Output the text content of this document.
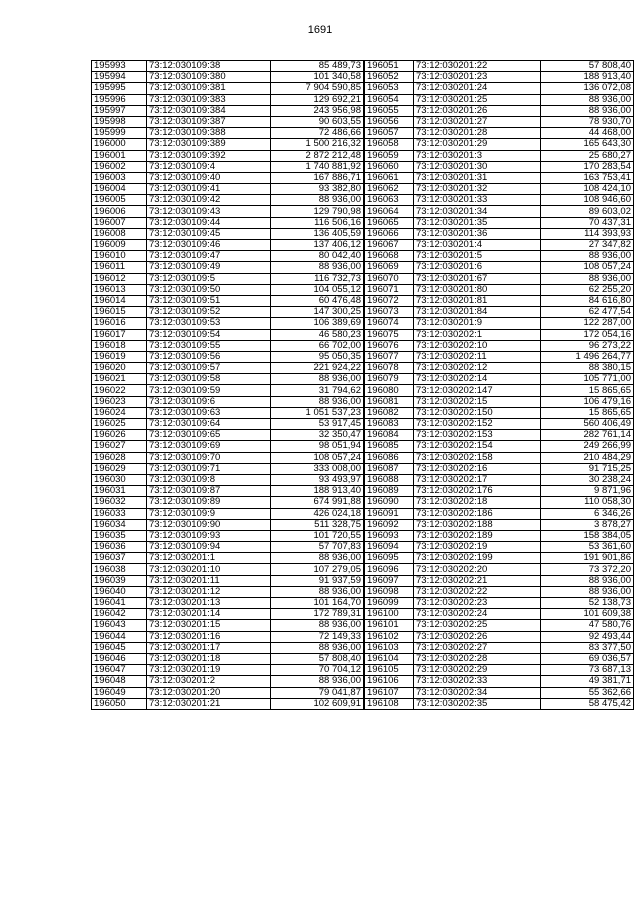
1691
195993	73:12:030109:38	85 489,73
195994	73:12:030109:380	101 340,58
195995	73:12:030109:381	7 904 590,85
195996	73:12:030109:383	129 692,21
195997	73:12:030109:384	243 956,98
195998	73:12:030109:387	90 603,55
195999	73:12:030109:388	72 486,66
196000	73:12:030109:389	1 500 216,32
196001	73:12:030109:392	2 872 212,48
196002	73:12:030109:4	1 740 881,92
196003	73:12:030109:40	167 886,71
196004	73:12:030109:41	93 382,80
196005	73:12:030109:42	88 936,00
196006	73:12:030109:43	129 790,98
196007	73:12:030109:44	116 506,16
196008	73:12:030109:45	136 405,59
196009	73:12:030109:46	137 406,12
196010	73:12:030109:47	80 042,40
196011	73:12:030109:49	88 936,00
196012	73:12:030109:5	116 732,73
196013	73:12:030109:50	104 055,12
196014	73:12:030109:51	60 476,48
196015	73:12:030109:52	147 300,25
196016	73:12:030109:53	106 389,69
196017	73:12:030109:54	46 580,23
196018	73:12:030109:55	66 702,00
196019	73:12:030109:56	95 050,35
196020	73:12:030109:57	221 924,22
196021	73:12:030109:58	88 936,00
196022	73:12:030109:59	31 794,62
196023	73:12:030109:6	88 936,00
196024	73:12:030109:63	1 051 537,23
196025	73:12:030109:64	53 917,45
196026	73:12:030109:65	32 350,47
196027	73:12:030109:69	98 051,94
196028	73:12:030109:70	108 057,24
196029	73:12:030109:71	333 008,00
196030	73:12:030109:8	93 493,97
196031	73:12:030109:87	188 913,40
196032	73:12:030109:89	674 991,88
196033	73:12:030109:9	426 024,18
196034	73:12:030109:90	511 328,75
196035	73:12:030109:93	101 720,55
196036	73:12:030109:94	57 707,83
196037	73:12:030201:1	88 936,00
196038	73:12:030201:10	107 279,05
196039	73:12:030201:11	91 937,59
196040	73:12:030201:12	88 936,00
196041	73:12:030201:13	101 164,70
196042	73:12:030201:14	172 789,31
196043	73:12:030201:15	88 936,00
196044	73:12:030201:16	72 149,33
196045	73:12:030201:17	88 936,00
196046	73:12:030201:18	57 808,40
196047	73:12:030201:19	70 704,12
196048	73:12:030201:2	88 936,00
196049	73:12:030201:20	79 041,87
196050	73:12:030201:21	102 609,91
196051	73:12:030201:22	57 808,40
196052	73:12:030201:23	188 913,40
196053	73:12:030201:24	136 072,08
196054	73:12:030201:25	88 936,00
196055	73:12:030201:26	88 936,00
196056	73:12:030201:27	78 930,70
196057	73:12:030201:28	44 468,00
196058	73:12:030201:29	165 643,30
196059	73:12:030201:3	25 680,27
196060	73:12:030201:30	170 283,54
196061	73:12:030201:31	163 753,41
196062	73:12:030201:32	108 424,10
196063	73:12:030201:33	108 946,60
196064	73:12:030201:34	89 603,02
196065	73:12:030201:35	70 437,31
196066	73:12:030201:36	114 393,93
196067	73:12:030201:4	27 347,82
196068	73:12:030201:5	88 936,00
196069	73:12:030201:6	108 057,24
196070	73:12:030201:67	88 936,00
196071	73:12:030201:80	62 255,20
196072	73:12:030201:81	84 616,80
196073	73:12:030201:84	62 477,54
196074	73:12:030201:9	122 287,00
196075	73:12:030202:1	172 054,16
196076	73:12:030202:10	96 273,22
196077	73:12:030202:11	1 496 264,77
196078	73:12:030202:12	88 380,15
196079	73:12:030202:14	105 771,00
196080	73:12:030202:147	15 865,65
196081	73:12:030202:15	106 479,16
196082	73:12:030202:150	15 865,65
196083	73:12:030202:152	560 406,49
196084	73:12:030202:153	282 761,14
196085	73:12:030202:154	249 266,99
196086	73:12:030202:158	210 484,29
196087	73:12:030202:16	91 715,25
196088	73:12:030202:17	30 238,24
196089	73:12:030202:176	9 871,96
196090	73:12:030202:18	110 058,30
196091	73:12:030202:186	6 346,26
196092	73:12:030202:188	3 878,27
196093	73:12:030202:189	158 384,05
196094	73:12:030202:19	53 361,60
196095	73:12:030202:199	191 901,86
196096	73:12:030202:20	73 372,20
196097	73:12:030202:21	88 936,00
196098	73:12:030202:22	88 936,00
196099	73:12:030202:23	52 138,73
196100	73:12:030202:24	101 609,38
196101	73:12:030202:25	47 580,76
196102	73:12:030202:26	92 493,44
196103	73:12:030202:27	83 377,50
196104	73:12:030202:28	69 036,57
196105	73:12:030202:29	73 687,13
196106	73:12:030202:33	49 381,71
196107	73:12:030202:34	55 362,66
196108	73:12:030202:35	58 475,42
